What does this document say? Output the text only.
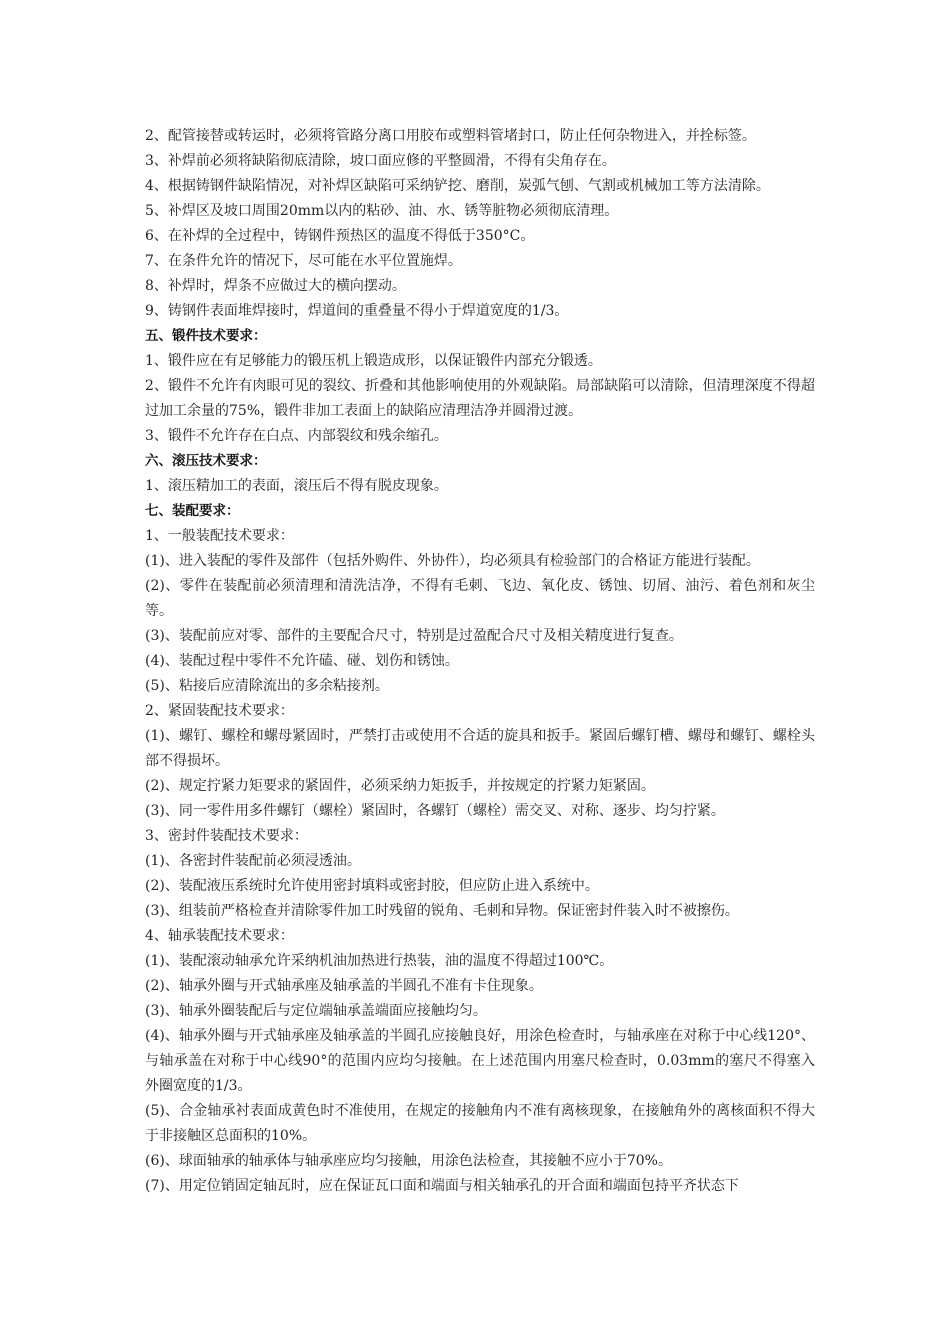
2、配管接替或转运时，必须将管路分离口用胶布或塑料管堵封口，防止任何杂物进入，并拴标签。

3、补焊前必须将缺陷彻底清除，坡口面应修的平整圆滑，不得有尖角存在。

4、根据铸钢件缺陷情况，对补焊区缺陷可采纳铲挖、磨削，炭弧气刨、气割或机械加工等方法清除。

5、补焊区及坡口周围20mm以内的粘砂、油、水、锈等脏物必须彻底清理。

6、在补焊的全过程中，铸钢件预热区的温度不得低于350°C。

7、在条件允许的情况下，尽可能在水平位置施焊。

8、补焊时，焊条不应做过大的横向摆动。

9、铸钢件表面堆焊接时，焊道间的重叠量不得小于焊道宽度的1/3。

五、锻件技术要求：

1、锻件应在有足够能力的锻压机上锻造成形，以保证锻件内部充分锻透。

2、锻件不允许有肉眼可见的裂纹、折叠和其他影响使用的外观缺陷。局部缺陷可以清除，但清理深度不得超过加工余量的75%，锻件非加工表面上的缺陷应清理洁净并圆滑过渡。

3、锻件不允许存在白点、内部裂纹和残余缩孔。

六、滚压技术要求：

1、滚压精加工的表面，滚压后不得有脱皮现象。

七、装配要求：

1、一般装配技术要求：

(1)、进入装配的零件及部件（包括外购件、外协件），均必须具有检验部门的合格证方能进行装配。

(2)、零件在装配前必须清理和清洗洁净，不得有毛刺、飞边、氧化皮、锈蚀、切屑、油污、着色剂和灰尘等。

(3)、装配前应对零、部件的主要配合尺寸，特别是过盈配合尺寸及相关精度进行复查。

(4)、装配过程中零件不允许磕、碰、划伤和锈蚀。

(5)、粘接后应清除流出的多余粘接剂。

2、紧固装配技术要求：

(1)、螺钉、螺栓和螺母紧固时，严禁打击或使用不合适的旋具和扳手。紧固后螺钉槽、螺母和螺钉、螺栓头部不得损坏。

(2)、规定拧紧力矩要求的紧固件，必须采纳力矩扳手，并按规定的拧紧力矩紧固。

(3)、同一零件用多件螺钉（螺栓）紧固时，各螺钉（螺栓）需交叉、对称、逐步、均匀拧紧。

3、密封件装配技术要求：

(1)、各密封件装配前必须浸透油。

(2)、装配液压系统时允许使用密封填料或密封胶，但应防止进入系统中。

(3)、组装前严格检查并清除零件加工时残留的锐角、毛刺和异物。保证密封件装入时不被擦伤。

4、轴承装配技术要求：

(1)、装配滚动轴承允许采纳机油加热进行热装，油的温度不得超过100℃。

(2)、轴承外圈与开式轴承座及轴承盖的半圆孔不准有卡住现象。

(3)、轴承外圈装配后与定位端轴承盖端面应接触均匀。

(4)、轴承外圈与开式轴承座及轴承盖的半圆孔应接触良好，用涂色检查时，与轴承座在对称于中心线120°、与轴承盖在对称于中心线90°的范围内应均匀接触。在上述范围内用塞尺检查时，0.03mm的塞尺不得塞入外圈宽度的1/3。

(5)、合金轴承衬表面成黄色时不准使用，在规定的接触角内不准有离核现象，在接触角外的离核面积不得大于非接触区总面积的10%。

(6)、球面轴承的轴承体与轴承座应均匀接触，用涂色法检查，其接触不应小于70%。

(7)、用定位销固定轴瓦时，应在保证瓦口面和端面与相关轴承孔的开合面和端面包持平齐状态下
